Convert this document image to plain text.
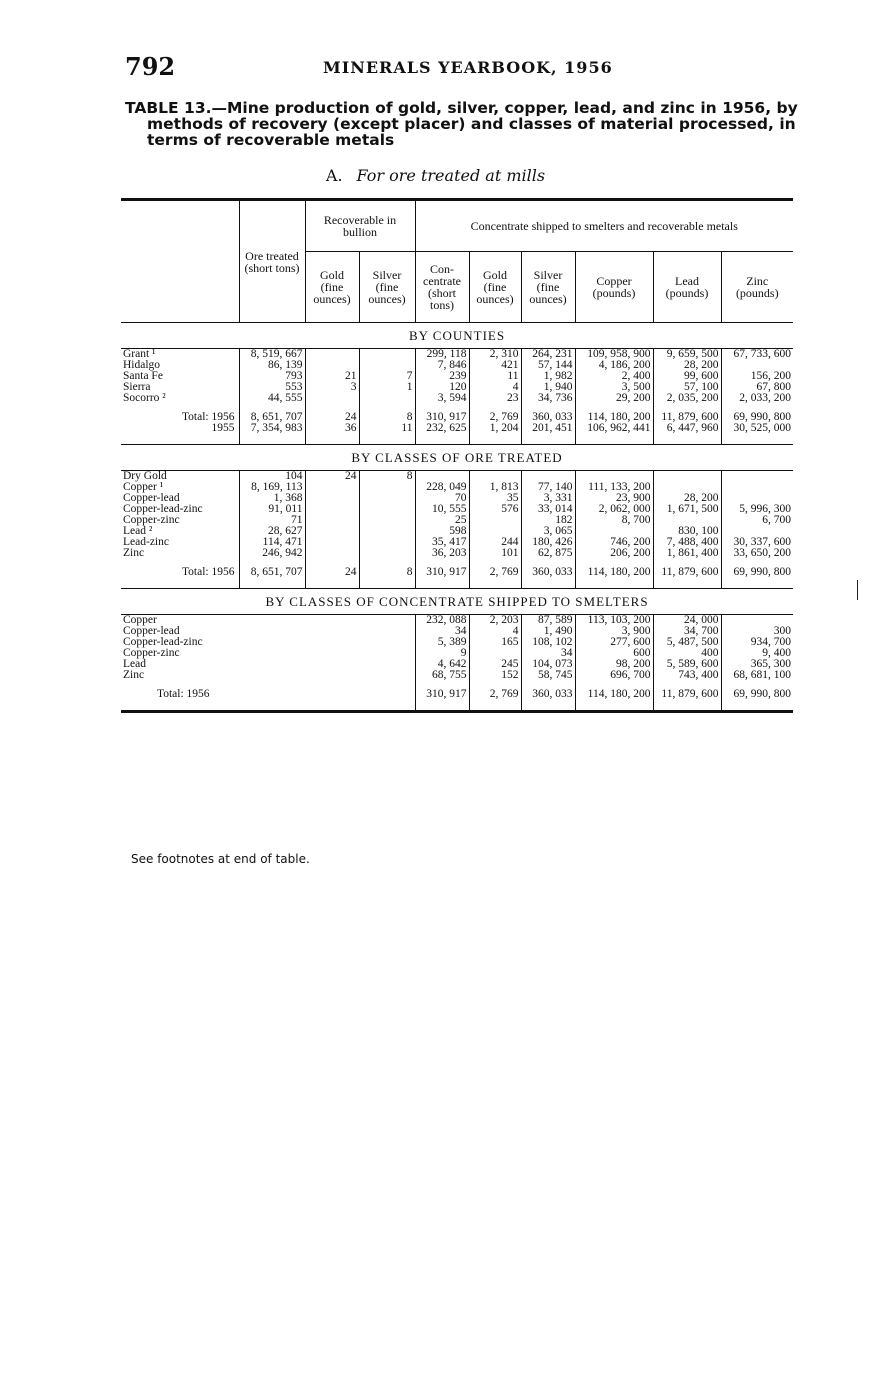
792	MINERALS YEARBOOK, 1956
TABLE 13.—Mine production of gold, silver, copper, lead, and zinc in 1956, by methods of recovery (except placer) and classes of material processed, in terms of recoverable metals
A. For ore treated at mills
	Ore treated (short tons)	Recoverable in bullion		Concentrate shipped to smelters and recoverable metals					
		Gold (fine ounces)	Silver (fine ounces)	Con-centrate (short tons)	Gold (fine ounces)	Silver (fine ounces)	Copper (pounds)	Lead (pounds)	Zinc (pounds)
BY COUNTIES									
Grant ¹	8, 519, 667			299, 118	2, 310	264, 231	109, 958, 900	9, 659, 500	67, 733, 600
Hidalgo	86, 139			7, 846	421	57, 144	4, 186, 200	28, 200	
Santa Fe	793	21	7	239	11	1, 982	2, 400	99, 600	156, 200
Sierra	553	3	1	120	4	1, 940	3, 500	57, 100	67, 800
Socorro ²	44, 555			3, 594	23	34, 736	29, 200	2, 035, 200	2, 033, 200
Total: 1956	8, 651, 707	24	8	310, 917	2, 769	360, 033	114, 180, 200	11, 879, 600	69, 990, 800
1955	7, 354, 983	36	11	232, 625	1, 204	201, 451	106, 962, 441	6, 447, 960	30, 525, 000
BY CLASSES OF ORE TREATED									
Dry Gold	104	24	8						
Copper ¹	8, 169, 113			228, 049	1, 813	77, 140	111, 133, 200		
Copper-lead	1, 368			70	35	3, 331	23, 900	28, 200	
Copper-lead-zinc	91, 011			10, 555	576	33, 014	2, 062, 000	1, 671, 500	5, 996, 300
Copper-zinc	71			25		182	8, 700		6, 700
Lead ²	28, 627			598		3, 065		830, 100	
Lead-zinc	114, 471			35, 417	244	180, 426	746, 200	7, 488, 400	30, 337, 600
Zinc	246, 942			36, 203	101	62, 875	206, 200	1, 861, 400	33, 650, 200
Total: 1956	8, 651, 707	24	8	310, 917	2, 769	360, 033	114, 180, 200	11, 879, 600	69, 990, 800
BY CLASSES OF CONCENTRATE SHIPPED TO SMELTERS									
Copper				232, 088	2, 203	87, 589	113, 103, 200	24, 000	
Copper-lead				34	4	1, 490	3, 900	34, 700	300
Copper-lead-zinc				5, 389	165	108, 102	277, 600	5, 487, 500	934, 700
Copper-zinc				9		34	600	400	9, 400
Lead				4, 642	245	104, 073	98, 200	5, 589, 600	365, 300
Zinc				68, 755	152	58, 745	696, 700	743, 400	68, 681, 100
Total: 1956				310, 917	2, 769	360, 033	114, 180, 200	11, 879, 600	69, 990, 800
See footnotes at end of table.
